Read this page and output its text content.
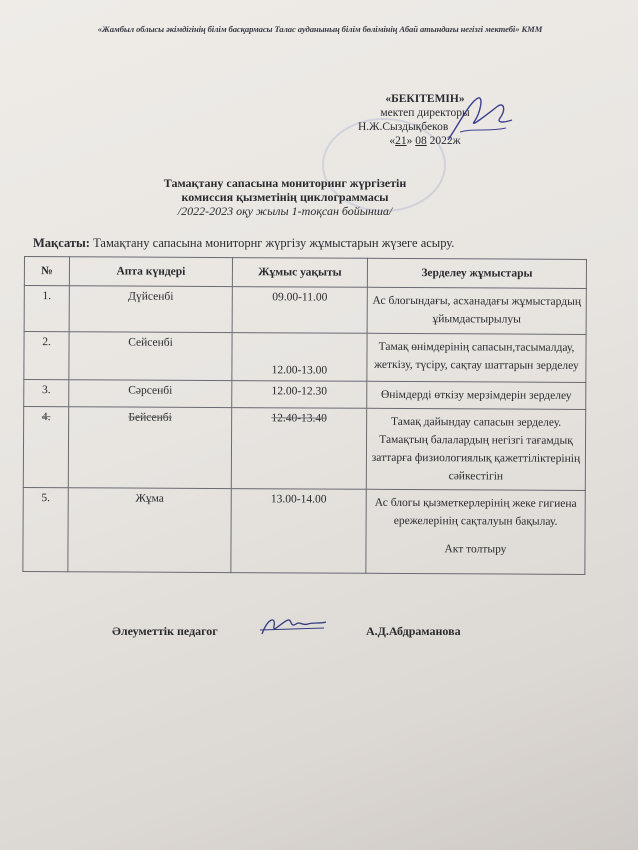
«Жамбыл облысы әкімдігінің білім басқармасы Талас ауданының білім бөлімінің Абай атындағы негізгі мектебі» КММ
«БЕКІТЕМІН»
мектеп директоры
Н.Ж.Сыздықбеков
«21» 08 2022ж
Тамақтану сапасына мониторинг жүргізетін
комиссия қызметінің циклограммасы
/2022-2023 оқу жылы 1-тоқсан бойынша/
Мақсаты: Тамақтану сапасына мониторнг жүргізу жұмыстарын жүзеге асыру.
№	Апта күндері	Жұмыс уақыты	Зерделеу жұмыстары
1.	Дүйсенбі	09.00-11.00	Ас блогындағы, асханадағы жұмыстардың ұйымдастырылуы
2.	Сейсенбі	12.00-13.00	Тамақ өнімдерінің сапасын,тасымалдау, жеткізу, түсіру, сақтау шаттарын зерделеу
3.	Сәрсенбі	12.00-12.30	Өнімдерді өткізу мерзімдерін зерделеу
4.	Бейсенбі	12.40-13.40	Тамақ дайындау сапасын зерделеу. Тамақтың балалардың негізгі тағамдық заттарға физиологиялық қажеттіліктерінің сәйкестігін
5.	Жұма	13.00-14.00	Ас блогы қызметкерлерінің жеке гигиена ережелерінің сақталуын бақылау.
Акт толтыру
Әлеуметтік педагог	А.Д.Абдраманова
